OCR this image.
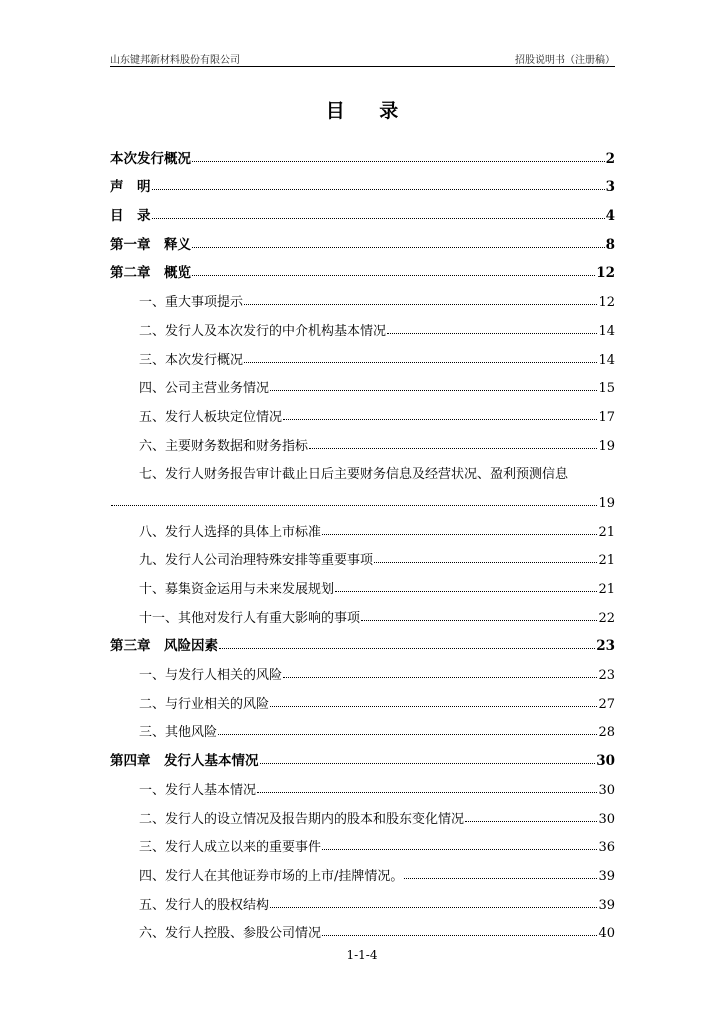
山东键邦新材料股份有限公司	招股说明书（注册稿）
目 录
本次发行概况	2
声　明	3
目　录	4
第一章　释义	8
第二章　概览	12
一、重大事项提示	12
二、发行人及本次发行的中介机构基本情况	14
三、本次发行概况	14
四、公司主营业务情况	15
五、发行人板块定位情况	17
六、主要财务数据和财务指标	19
七、发行人财务报告审计截止日后主要财务信息及经营状况、盈利预测信息
19
八、发行人选择的具体上市标准	21
九、发行人公司治理特殊安排等重要事项	21
十、募集资金运用与未来发展规划	21
十一、其他对发行人有重大影响的事项	22
第三章　风险因素	23
一、与发行人相关的风险	23
二、与行业相关的风险	27
三、其他风险	28
第四章　发行人基本情况	30
一、发行人基本情况	30
二、发行人的设立情况及报告期内的股本和股东变化情况	30
三、发行人成立以来的重要事件	36
四、发行人在其他证券市场的上市/挂牌情况。	39
五、发行人的股权结构	39
六、发行人控股、参股公司情况	40
1-1-4
